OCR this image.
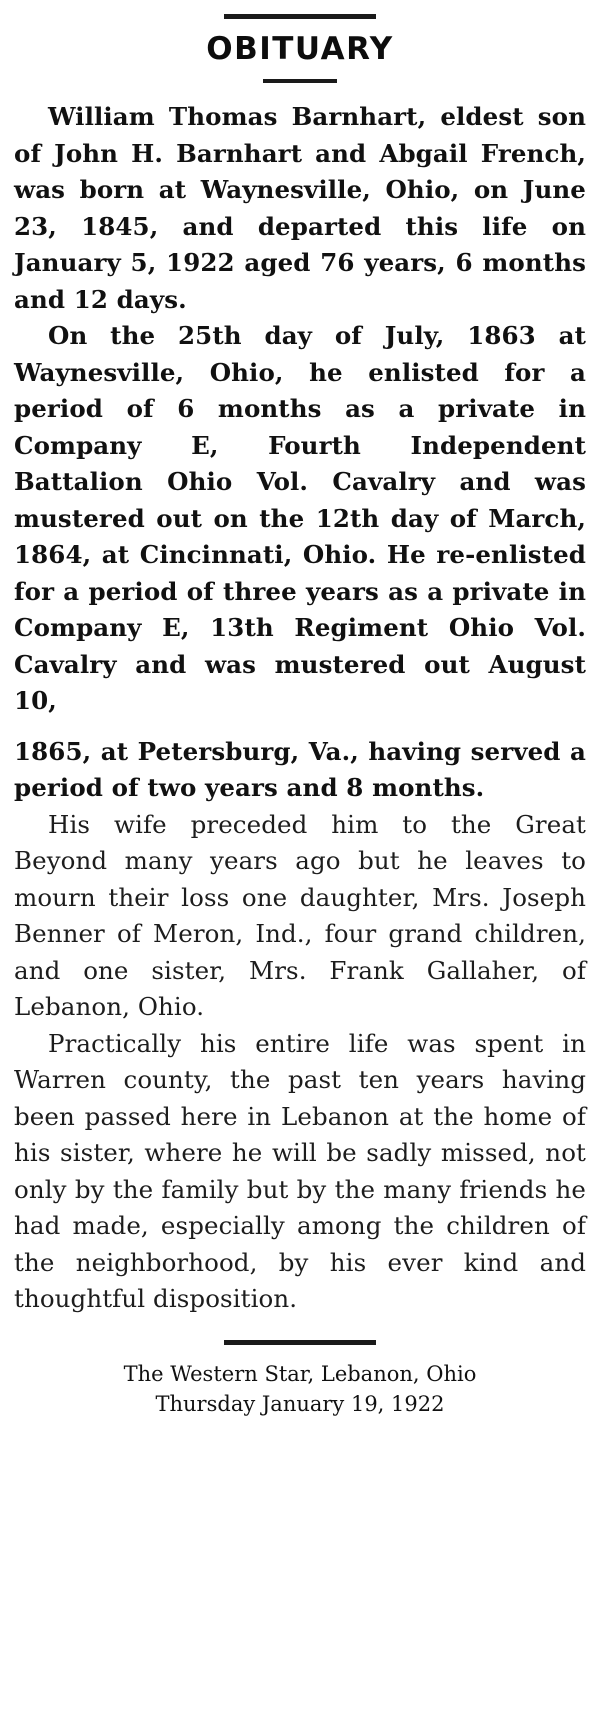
OBITUARY

William Thomas Barnhart, eldest son of John H. Barnhart and Abgail French, was born at Waynesville, Ohio, on June 23, 1845, and departed this life on January 5, 1922 aged 76 years, 6 months and 12 days.

On the 25th day of July, 1863 at Waynesville, Ohio, he enlisted for a period of 6 months as a private in Company E, Fourth Independent Battalion Ohio Vol. Cavalry and was mustered out on the 12th day of March, 1864, at Cincinnati, Ohio. He re-enlisted for a period of three years as a private in Company E, 13th Regiment Ohio Vol. Cavalry and was mustered out August 10,

1865, at Petersburg, Va., having served a period of two years and 8 months.

His wife preceded him to the Great Beyond many years ago but he leaves to mourn their loss one daughter, Mrs. Joseph Benner of Meron, Ind., four grand children, and one sister, Mrs. Frank Gallaher, of Lebanon, Ohio.

Practically his entire life was spent in Warren county, the past ten years having been passed here in Lebanon at the home of his sister, where he will be sadly missed, not only by the family but by the many friends he had made, especially among the children of the neighborhood, by his ever kind and thoughtful disposition.

The Western Star, Lebanon, Ohio
Thursday January 19, 1922
